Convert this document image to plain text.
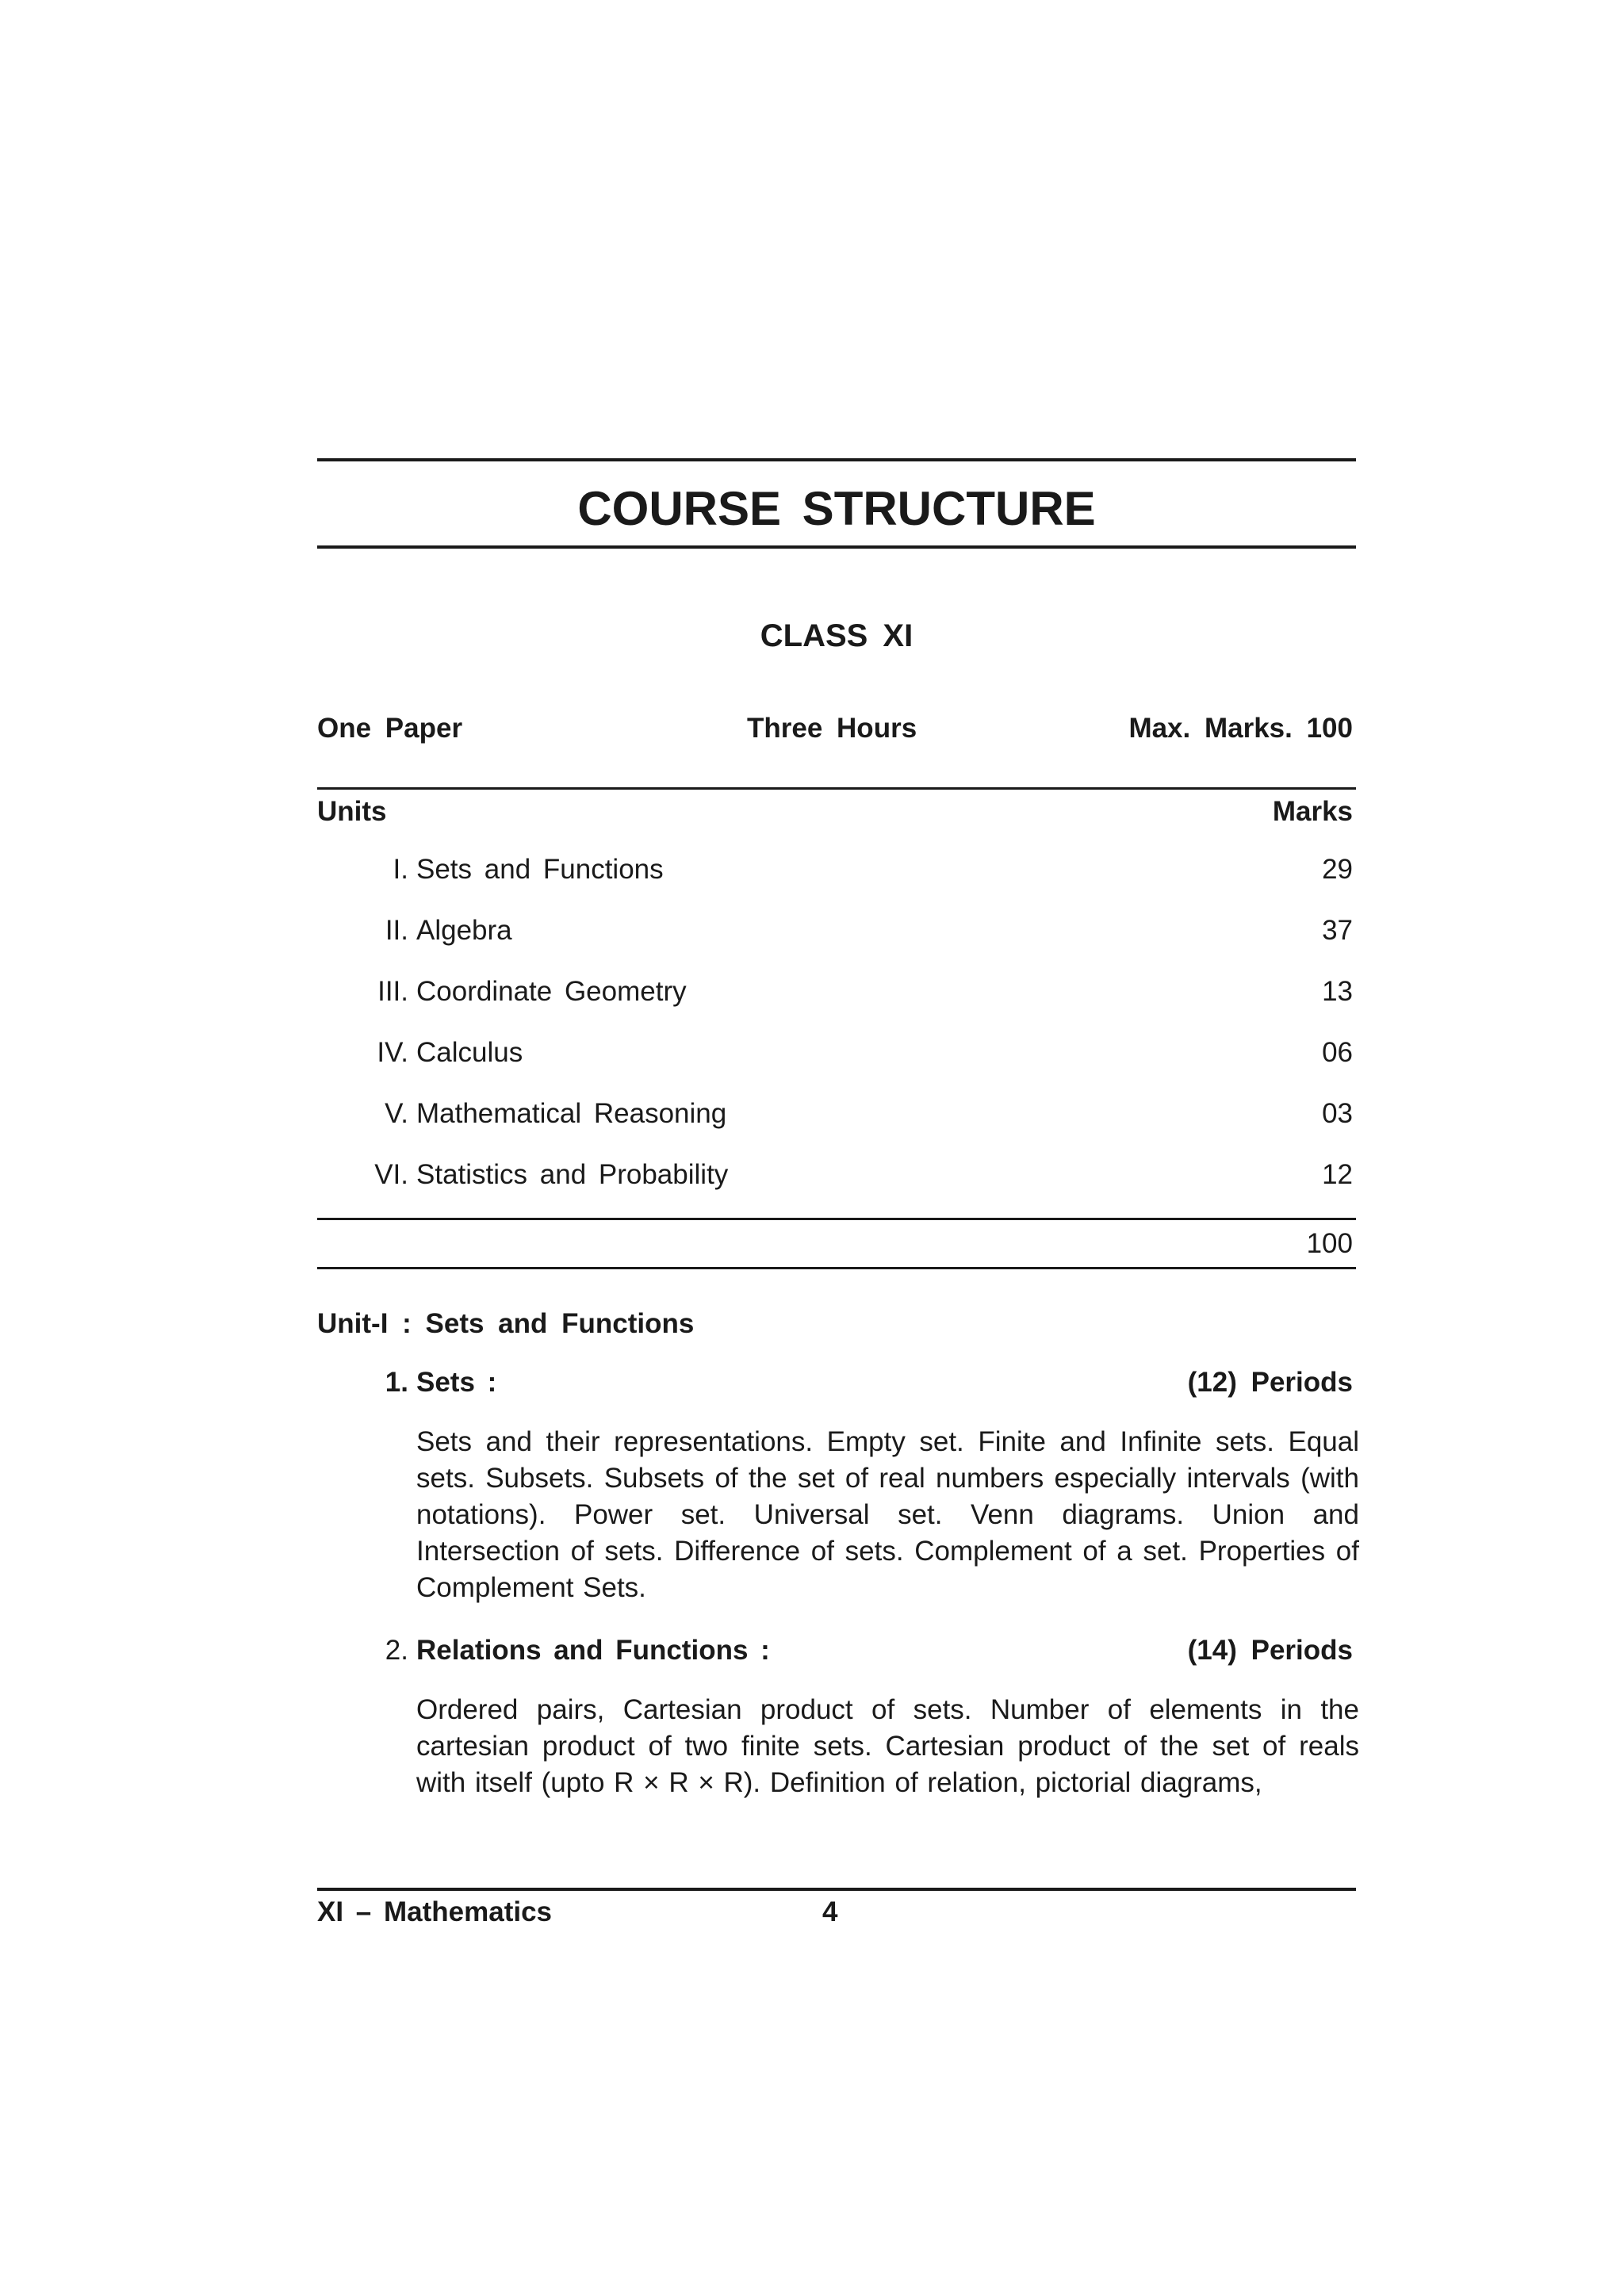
COURSE STRUCTURE
CLASS XI
One Paper	Three Hours	Max. Marks. 100
Units	Marks
I. Sets and Functions	29
II. Algebra	37
III. Coordinate Geometry	13
IV. Calculus	06
V. Mathematical Reasoning	03
VI. Statistics and Probability	12
100
Unit-I : Sets and Functions
1. Sets :	(12) Periods
Sets and their representations. Empty set. Finite and Infinite sets. Equal sets. Subsets. Subsets of the set of real numbers especially intervals (with notations). Power set. Universal set. Venn diagrams. Union and Intersection of sets. Difference of sets. Complement of a set. Properties of Complement Sets.
2. Relations and Functions :	(14) Periods
Ordered pairs, Cartesian product of sets. Number of elements in the cartesian product of two finite sets. Cartesian product of the set of reals with itself (upto R × R × R). Definition of relation, pictorial diagrams,
XI – Mathematics	4
